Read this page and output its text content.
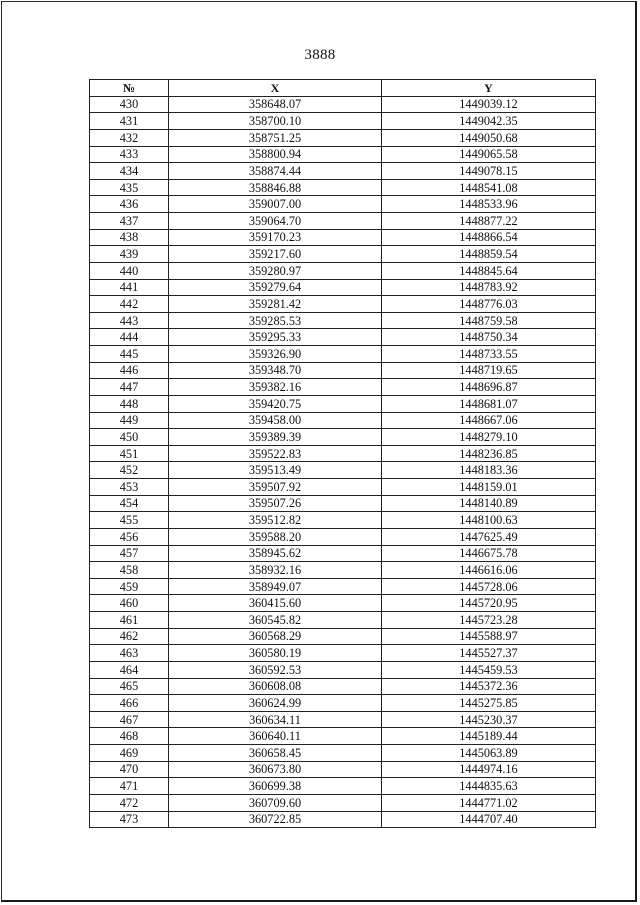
3888
№	X	Y
430	358648.07	1449039.12
431	358700.10	1449042.35
432	358751.25	1449050.68
433	358800.94	1449065.58
434	358874.44	1449078.15
435	358846.88	1448541.08
436	359007.00	1448533.96
437	359064.70	1448877.22
438	359170.23	1448866.54
439	359217.60	1448859.54
440	359280.97	1448845.64
441	359279.64	1448783.92
442	359281.42	1448776.03
443	359285.53	1448759.58
444	359295.33	1448750.34
445	359326.90	1448733.55
446	359348.70	1448719.65
447	359382.16	1448696.87
448	359420.75	1448681.07
449	359458.00	1448667.06
450	359389.39	1448279.10
451	359522.83	1448236.85
452	359513.49	1448183.36
453	359507.92	1448159.01
454	359507.26	1448140.89
455	359512.82	1448100.63
456	359588.20	1447625.49
457	358945.62	1446675.78
458	358932.16	1446616.06
459	358949.07	1445728.06
460	360415.60	1445720.95
461	360545.82	1445723.28
462	360568.29	1445588.97
463	360580.19	1445527.37
464	360592.53	1445459.53
465	360608.08	1445372.36
466	360624.99	1445275.85
467	360634.11	1445230.37
468	360640.11	1445189.44
469	360658.45	1445063.89
470	360673.80	1444974.16
471	360699.38	1444835.63
472	360709.60	1444771.02
473	360722.85	1444707.40
